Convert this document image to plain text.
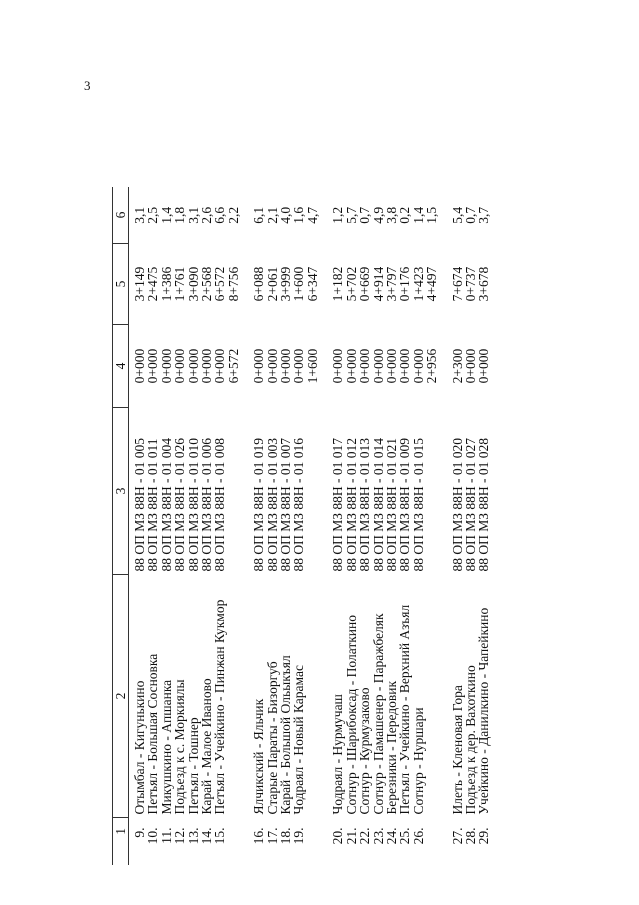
3
1	2	3	4	5	6
9.	Отымбал - Кигунькино	88 ОП МЗ 88Н - 01 005	0+000	3+149	3,1
10.	Петъял - Большая Сосновка	88 ОП МЗ 88Н - 01 011	0+000	2+475	2,5
11.	Микушкино - Апшанка	88 ОП МЗ 88Н - 01 004	0+000	1+386	1,4
12.	Подъезд к с. Моркиялы	88 ОП МЗ 88Н - 01 026	0+000	1+761	1,8
13.	Петъял - Тошнер	88 ОП МЗ 88Н - 01 010	0+000	3+090	3,1
14.	Карай - Малое Иваново	88 ОП МЗ 88Н - 01 006	0+000	2+568	2,6
15.	Петъял - Учейкино - Пинжан Кукмор	88 ОП МЗ 88Н - 01 008	0+000	6+572	6,6
			6+572	8+756	2,2

16.	Ялчикский - Яльчик	88 ОП МЗ 88Н - 01 019	0+000	6+088	6,1
17.	Старые Параты - Бизоргуб	88 ОП МЗ 88Н - 01 003	0+000	2+061	2,1
18.	Карай - Большой Ольыкъял	88 ОП МЗ 88Н - 01 007	0+000	3+999	4,0
19.	Чодраял - Новый Карамас	88 ОП МЗ 88Н - 01 016	0+000	1+600	1,6
			1+600	6+347	4,7

20.	Чодраял - Нурмучаш	88 ОП МЗ 88Н - 01 017	0+000	1+182	1,2
21.	Сотнур - Шарибоксад - Полаткино	88 ОП МЗ 88Н - 01 012	0+000	5+702	5,7
22.	Сотнур - Курмузаково	88 ОП МЗ 88Н - 01 013	0+000	0+669	0,7
23.	Сотнур - Памашенер - Паражбеляк	88 ОП МЗ 88Н - 01 014	0+000	4+914	4,9
24.	Березники - Передовик	88 ОП МЗ 88Н - 01 021	0+000	3+797	3,8
25.	Петъял - Учейкино - Верхний Азъял	88 ОП МЗ 88Н - 01 009	0+000	0+176	0,2
26.	Сотнур - Нуршари	88 ОП МЗ 88Н - 01 015	0+000	1+423	1,4
			2+956	4+497	1,5

27.	Илеть - Кленовая Гора	88 ОП МЗ 88Н - 01 020	2+300	7+674	5,4
28.	Подъезд к дер. Вахоткино	88 ОП МЗ 88Н - 01 027	0+000	0+737	0,7
29.	Учейкино - Данилкино - Чапейкино	88 ОП МЗ 88Н - 01 028	0+000	3+678	3,7
